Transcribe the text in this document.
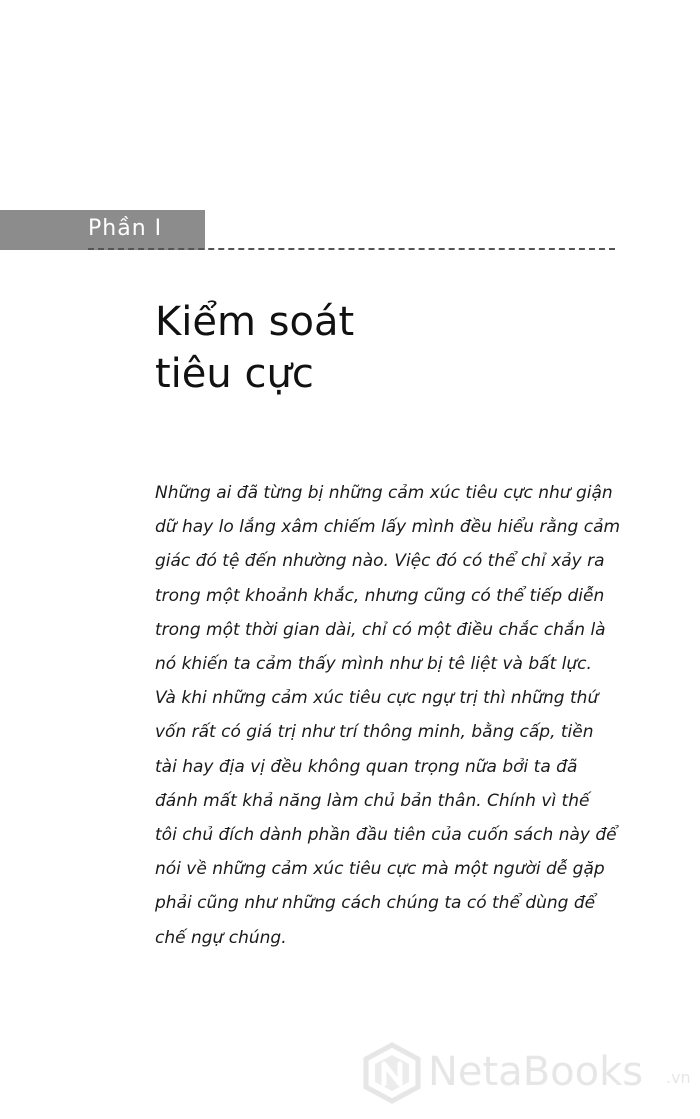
Phần I
Kiểm soát
tiêu cực
Những ai đã từng bị những cảm xúc tiêu cực như giận
dữ hay lo lắng xâm chiếm lấy mình đều hiểu rằng cảm
giác đó tệ đến nhường nào. Việc đó có thể chỉ xảy ra
trong một khoảnh khắc, nhưng cũng có thể tiếp diễn
trong một thời gian dài, chỉ có một điều chắc chắn là
nó khiến ta cảm thấy mình như bị tê liệt và bất lực.
Và khi những cảm xúc tiêu cực ngự trị thì những thứ
vốn rất có giá trị như trí thông minh, bằng cấp, tiền
tài hay địa vị đều không quan trọng nữa bởi ta đã
đánh mất khả năng làm chủ bản thân. Chính vì thế
tôi chủ đích dành phần đầu tiên của cuốn sách này để
nói về những cảm xúc tiêu cực mà một người dễ gặp
phải cũng như những cách chúng ta có thể dùng để
chế ngự chúng.
NetaBooks .vn
